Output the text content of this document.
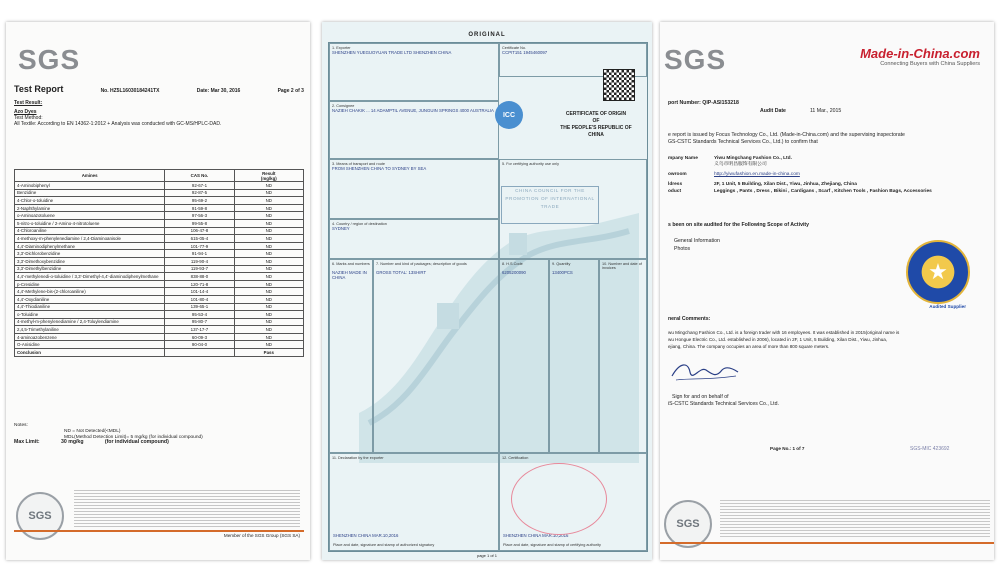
SGS
Test Report	No. HZ5L16030184241TX	Date: Mar 30, 2016	Page 2 of 3
Test Result:
Azo Dyes
Test Method:
All Textile: According to EN 14362-1:2012 + Analysis was conducted with GC-MS/HPLC-DAD.
Amines	CAS No.	Result
(mg/kg)
4-Aminobiphenyl	92-67-1	ND
Benzidine	92-87-5	ND
4-Chlor-o-toluidine	95-69-2	ND
2-Naphthylamine	91-59-8	ND
o-Aminoazotoluene	97-56-3	ND
5-nitro-o-toluidine / 2-Amino-4-nitrotoluene	99-55-8	ND
4-Chloroaniline	106-47-8	ND
4-methoxy-m-phenylenediamine / 2,4-Diaminoanisole	615-05-4	ND
4,4'-Diaminodiphenylmethane	101-77-9	ND
3,3'-Dichlorobenzidine	91-94-1	ND
3,3'-Dimethoxybenzidine	119-90-4	ND
3,3'-Dimethylbenzidine	119-93-7	ND
4,4'-methylenedi-o-toluidine / 3,3'-Dimethyl-4,4'-diaminodiphenylmethane	838-88-0	ND
p-Cresidine	120-71-8	ND
4,4'-Methylene-bis-(2-chloroaniline)	101-14-4	ND
4,4'-Oxydianiline	101-80-4	ND
4,4'-Thiodianiline	139-65-1	ND
o-Toluidine	95-53-4	ND
4-methyl-m-phenylenediamine / 2,4-Toluylendiamine	95-80-7	ND
2,4,5-Trimethylaniline	137-17-7	ND
4-aminoazobenzene	60-09-3	ND
O-Anisidine	90-04-0	ND
Conclusion		Pass
Notes:
ND = Not Detected(<MDL)
MDL(Method Detection Limit)= 5 mg/kg (for individual compound)
Max Limit:	30 mg/kg	(for individual compound)
SGS
Member of the SGS Group (SGS SA)
ORIGINAL
1. Exporter
SHENZHEN YUEGUOYUAN TRADE LTD SHENZHEN CHINA
Certificate No.
CCPIT151 1945460097
2. Consignee
NAZIEH CHAKIK ... 14 ADAMPTIL AVENUE, JUNGUIN SPRINGS 4000 AUSTRALIA
ICC	CERTIFICATE OF ORIGIN
OF
THE PEOPLE'S REPUBLIC OF CHINA
3. Means of transport and route
FROM SHENZHEN CHINA TO SYDNEY BY SEA
5. For certifying authority use only
CHINA COUNCIL FOR THE PROMOTION OF INTERNATIONAL TRADE
4. Country / region of destination
SYDNEY
6. Marks and numbers
NAZIEH MADE IN CHINA
7. Number and kind of packages; description of goods
GROSS TOTAL: 13SHIRT
8. H.S.Code
6205200090
9. Quantity
13400PCS
10. Number and date of invoices
11. Declaration by the exporter
SHENZHEN CHINA MAR.10,2016
Place and date, signature and stamp of authorized signatory
12. Certification
SHENZHEN CHINA MAR.10,2016
Place and date, signature and stamp of certifying authority
page 1 of 1
SGS	Made-in-China.com
Connecting Buyers with China Suppliers
port Number: QIP-ASI153218
Audit Date	11 Mar., 2015
e report is issued by Focus Technology Co., Ltd. (Made-in-China.com) and the supervising inspectorate
GS-CSTC Standards Technical Services Co., Ltd.) to confirm that
mpany Name	Yiwu Mingchang Fashion Co., Ltd.
义乌市明昌服饰有限公司
owroom	http://yiwufashion.en.made-in-china.com
ldress	2F, 1 Unit, 5 Building, Xilan Dist., Yiwu, Jinhua, Zhejiang, China
oduct	Leggings , Pants , Dress , Bikini , Cardigans , Scarf , Kitchen Tools , Fashion Bags, Accessories
s been on site audited for the Following Scope of Activity
General Information
Photos
★
Audited Supplier
neral Comments:
wu Mingchang Fashion Co., Ltd. is a foreign trader with 16 employees. It was established in 2015(original name is
wu Hongue Electric Co., Ltd. established in 2006), located in 2F, 1 Unit, 5 Building, Xilan Dist., Yiwu, Jinhua,
ejiang, China. The company occupies an area of more than 800 square meters.
Sign for and on behalf of
iS-CSTC Standards Technical Services Co., Ltd.
Page No.: 1 of 7	SGS-MIC 423692
SGS
